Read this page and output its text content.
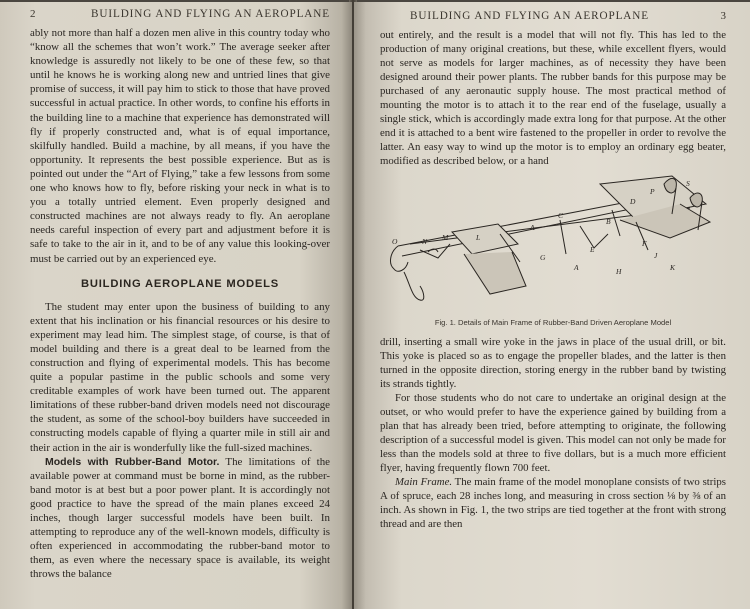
2	BUILDING AND FLYING AN AEROPLANE

ably not more than half a dozen men alive in this country today who “know all the schemes that won’t work.” The average seeker after knowledge is assuredly not likely to be one of these few, so that until he knows he is working along new and untried lines that give promise of success, it will pay him to stick to those that have proved successful in actual practice. In other words, to confine his efforts in the building line to a machine that experience has demonstrated will fly if properly constructed and, what is of equal importance, skilfully handled. Build a machine, by all means, if you have the opportunity. It represents the best possible experience. But as is pointed out under the “Art of Flying,” take a few lessons from some one who knows how to fly, before risking your neck in what is to you a totally untried element. Even properly designed and constructed machines are not always ready to fly. An aeroplane needs careful inspection of every part and adjustment before it is safe to take to the air in it, and to be of any value this looking-over must be carried out by an experienced eye.

BUILDING AEROPLANE MODELS

The student may enter upon the business of building to any extent that his inclination or his financial resources or his desire to experiment may lead him. The simplest stage, of course, is that of model building and there is a great deal to be learned from the construction and flying of experimental models. This has become quite a popular pastime in the public schools and some very creditable examples of work have been turned out. The apparent limitations of these rubber-band driven models need not discourage the student, as some of the school-boy builders have succeeded in constructing models capable of flying a quarter mile in still air and their action in the air is wonderfully like the full-sized machines.

Models with Rubber-Band Motor. The limitations of the available power at command must be borne in mind, as the rubber-band motor is at best but a poor power plant. It is accordingly not good practice to have the spread of the main planes exceed 24 inches, though larger successful models have been built. In attempting to reproduce any of the well-known models, difficulty is often experienced in accommodating the rubber-band motor to them, as even where the necessary space is available, its weight throws the balance

BUILDING AND FLYING AN AEROPLANE	3

out entirely, and the result is a model that will not fly. This has led to the production of many original creations, but these, while excellent flyers, would not serve as models for larger machines, as of necessity they have been designed around their power plants. The rubber bands for this purpose may be purchased of any aeronautic supply house. The most practical method of mounting the motor is to attach it to the rear end of the fuselage, usually a single stick, which is accordingly made extra long for that purpose. At the other end it is attached to a bent wire fastened to the propeller in order to revolve the latter. An easy way to wind up the motor is to employ an ordinary egg beater, modified as described below, or a hand

O	N M	L
A
C
G
A
B
D
E
F
H
J
K
P
S
Fig. 1. Details of Main Frame of Rubber-Band Driven Aeroplane Model

drill, inserting a small wire yoke in the jaws in place of the usual drill, or bit. This yoke is placed so as to engage the propeller blades, and the latter is then turned in the opposite direction, storing energy in the rubber band by twisting its strands tightly.

For those students who do not care to undertake an original design at the outset, or who would prefer to have the experience gained by building from a plan that has already been tried, before attempting to originate, the following description of a successful model is given. This model can not only be made for less than the models sold at three to five dollars, but is a much more efficient flyer, having frequently flown 700 feet.

Main Frame. The main frame of the model monoplane consists of two strips A of spruce, each 28 inches long, and measuring in cross section ⅛ by ⅜ of an inch. As shown in Fig. 1, the two strips are tied together at the front with strong thread and are then
